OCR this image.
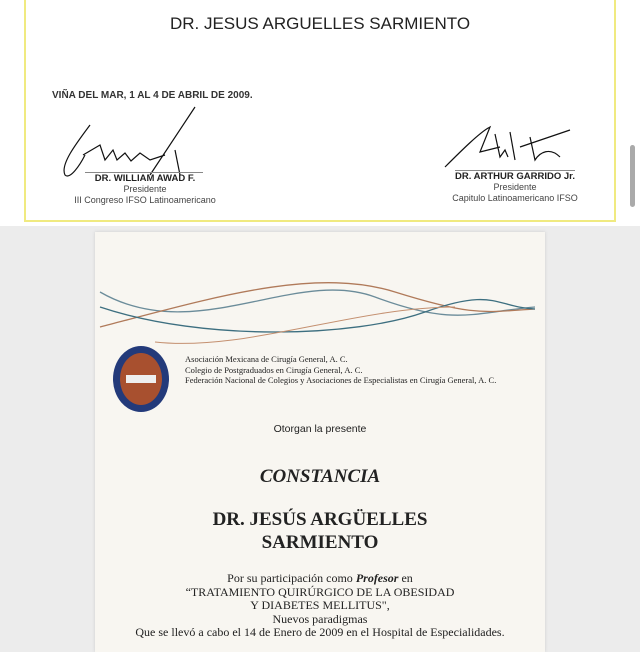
DR. JESUS ARGUELLES SARMIENTO
VIÑA DEL MAR, 1 AL 4 DE ABRIL DE 2009.
DR. WILLIAM AWAD F.
Presidente
III Congreso IFSO Latinoamericano
DR. ARTHUR GARRIDO Jr.
Presidente
Capitulo Latinoamericano IFSO
Asociación Mexicana de Cirugía General, A. C.
Colegio de Postgraduados en Cirugía General, A. C.
Federación Nacional de Colegios y Asociaciones de Especialistas en Cirugía General, A. C.
Otorgan la presente
CONSTANCIA
DR. JESÚS ARGÜELLES
SARMIENTO
Por su participación como Profesor en
“TRATAMIENTO QUIRÚRGICO DE LA OBESIDAD
Y DIABETES MELLITUS",
Nuevos paradigmas
Que se llevó a cabo el 14 de Enero de 2009 en el Hospital de Especialidades.
